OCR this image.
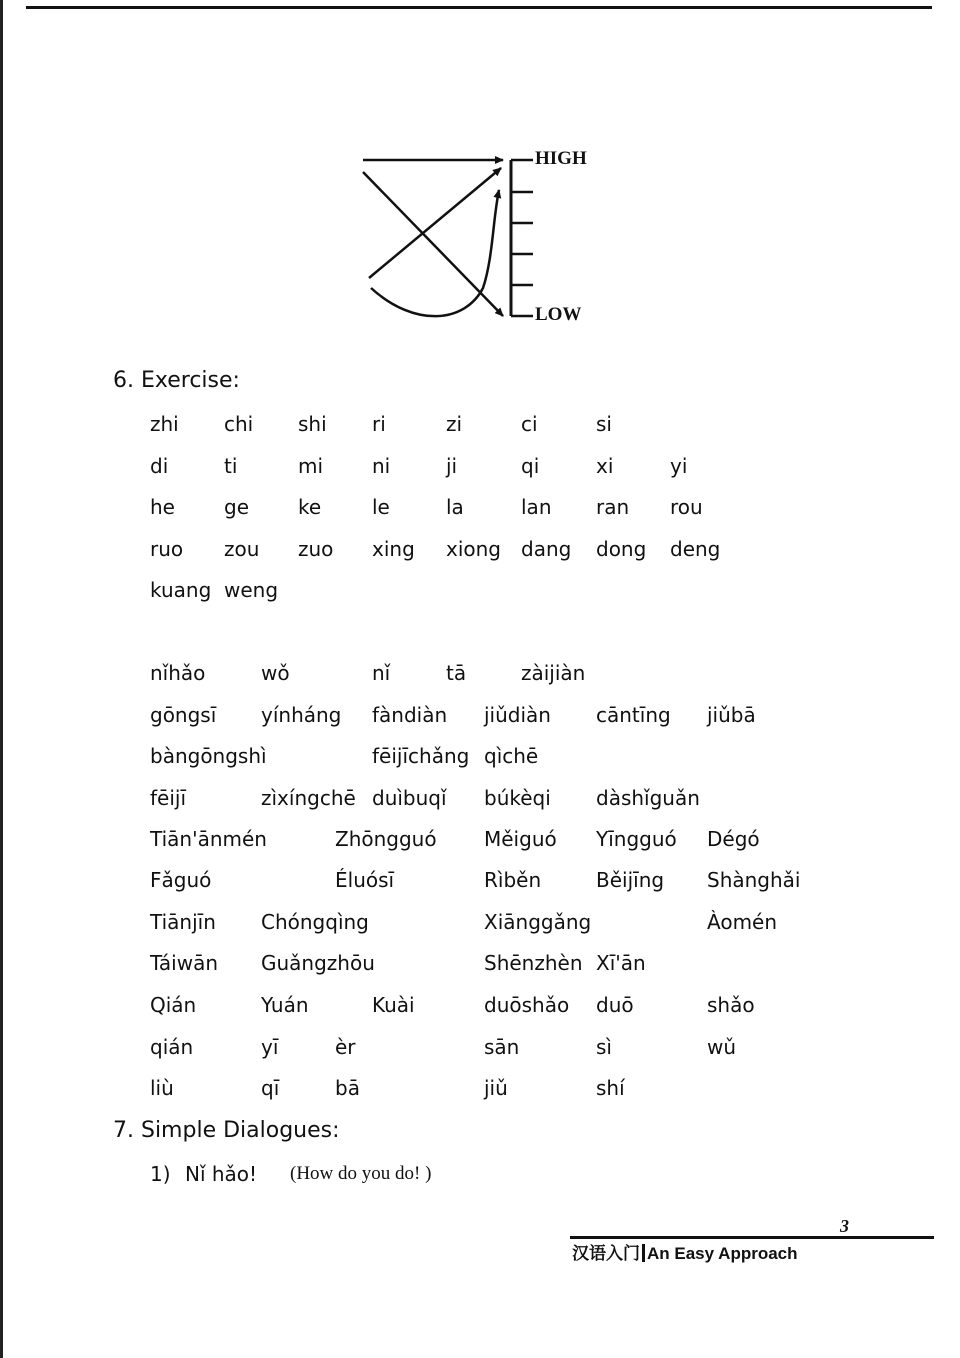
HIGH
LOW
6. Exercise:
zhi chi shi ri	zi	ci	si
di	ti	mi ni	ji	qi	xi	yi
he ge ke	le	la	lan ran rou
ruo zou zuo xing xiong dang dong deng
kuang weng
nǐhǎo	wǒ	nǐ	tā	zàijiàn
gōngsī yínháng fàndiàn jiǔdiàn cāntīng jiǔbā
bàngōngshì	fēijīchǎng qìchē
fēijī	zìxíngchē duìbuqǐ búkèqi dàshǐguǎn
Tiān'ānmén	Zhōngguó Měiguó Yīngguó Dégó
Fǎguó	Éluósī	Rìběn	Běijīng Shànghǎi
Tiānjīn Chóngqìng	Xiānggǎng	Àomén
Táiwān Guǎngzhōu	Shēnzhèn Xī'ān
Qián	Yuán	Kuài	duōshǎo duō	shǎo
qián	yī	èr	sān	sì	wǔ
liù	qī	bā	jiǔ	shí
7. Simple Dialogues:
1) Nǐ hǎo! (How do you do! )
3
汉语入门 An Easy Approach
